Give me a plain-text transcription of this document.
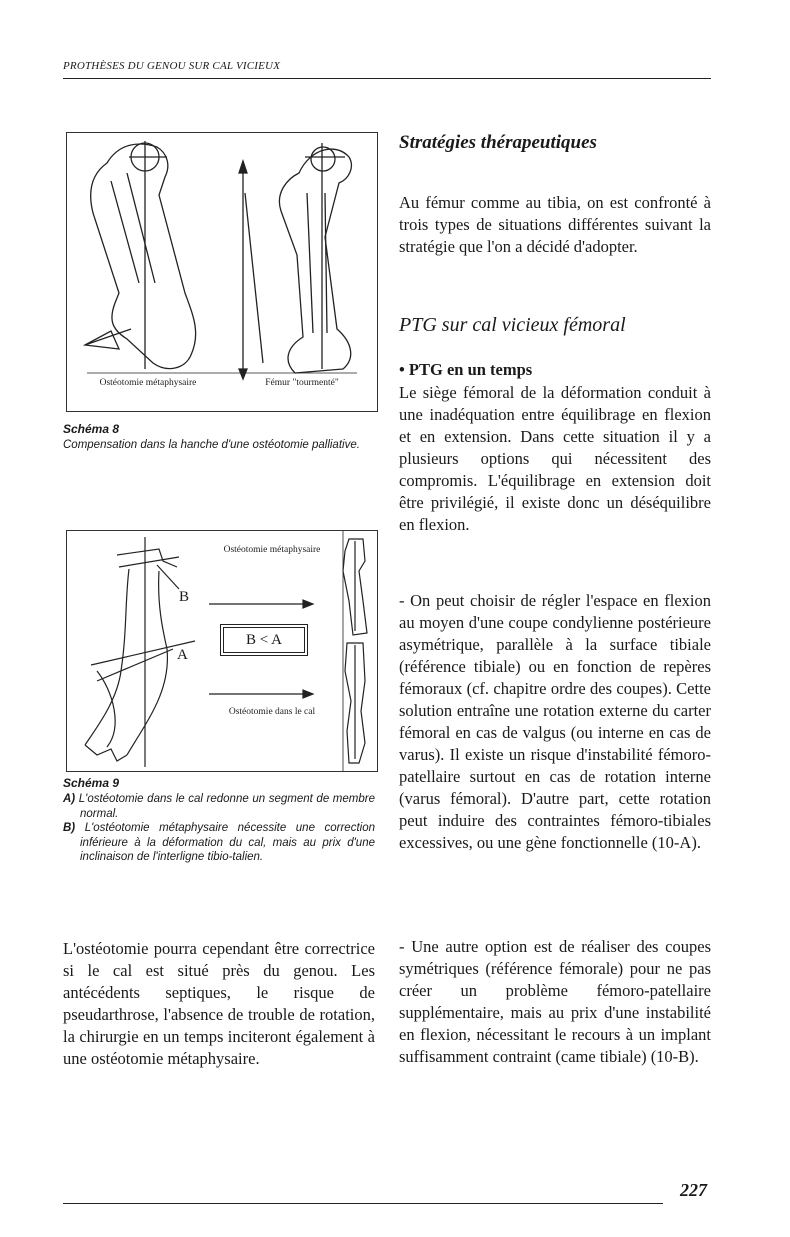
PROTHÈSES DU GENOU SUR CAL VICIEUX
Ostéotomie métaphysaire	Fémur "tourmenté"
Schéma 8
Compensation dans la hanche d'une ostéotomie palliative.
Ostéotomie métaphysaire
Ostéotomie dans le cal
B < A
B
A
Schéma 9

A) L'ostéotomie dans le cal redonne un segment de membre normal.

B) L'ostéotomie métaphysaire nécessite une correction inférieure à la déformation du cal, mais au prix d'une inclinaison de l'interligne tibio-talien.

L'ostéotomie pourra cependant être correctrice si le cal est situé près du genou. Les antécédents septiques, le risque de pseudarthrose, l'absence de trouble de rotation, la chirurgie en un temps inciteront également à une ostéotomie métaphysaire.

Stratégies thérapeutiques

Au fémur comme au tibia, on est confronté à trois types de situations différentes suivant la stratégie que l'on a décidé d'adopter.

PTG sur cal vicieux fémoral
• PTG en un temps

Le siège fémoral de la déformation conduit à une inadéquation entre équilibrage en flexion et en extension. Dans cette situation il y a plusieurs options qui nécessitent des compromis. L'équilibrage en extension doit être privilégié, il existe donc un déséquilibre en flexion.

- On peut choisir de régler l'espace en flexion au moyen d'une coupe condylienne postérieure asymétrique, parallèle à la surface tibiale (référence tibiale) ou en fonction de repères fémoraux (cf. chapitre ordre des coupes). Cette solution entraîne une rotation externe du carter fémoral en cas de valgus (ou interne en cas de varus). Il existe un risque d'instabilité fémoro-patellaire surtout en cas de rotation interne (varus fémoral). D'autre part, cette rotation peut induire des contraintes fémoro-tibiales excessives, ou une gène fonctionnelle (10-A).

- Une autre option est de réaliser des coupes symétriques (référence fémorale) pour ne pas créer un problème fémoro-patellaire supplémentaire, mais au prix d'une instabilité en flexion, nécessitant le recours à un implant suffisamment contraint (came tibiale) (10-B).

227
